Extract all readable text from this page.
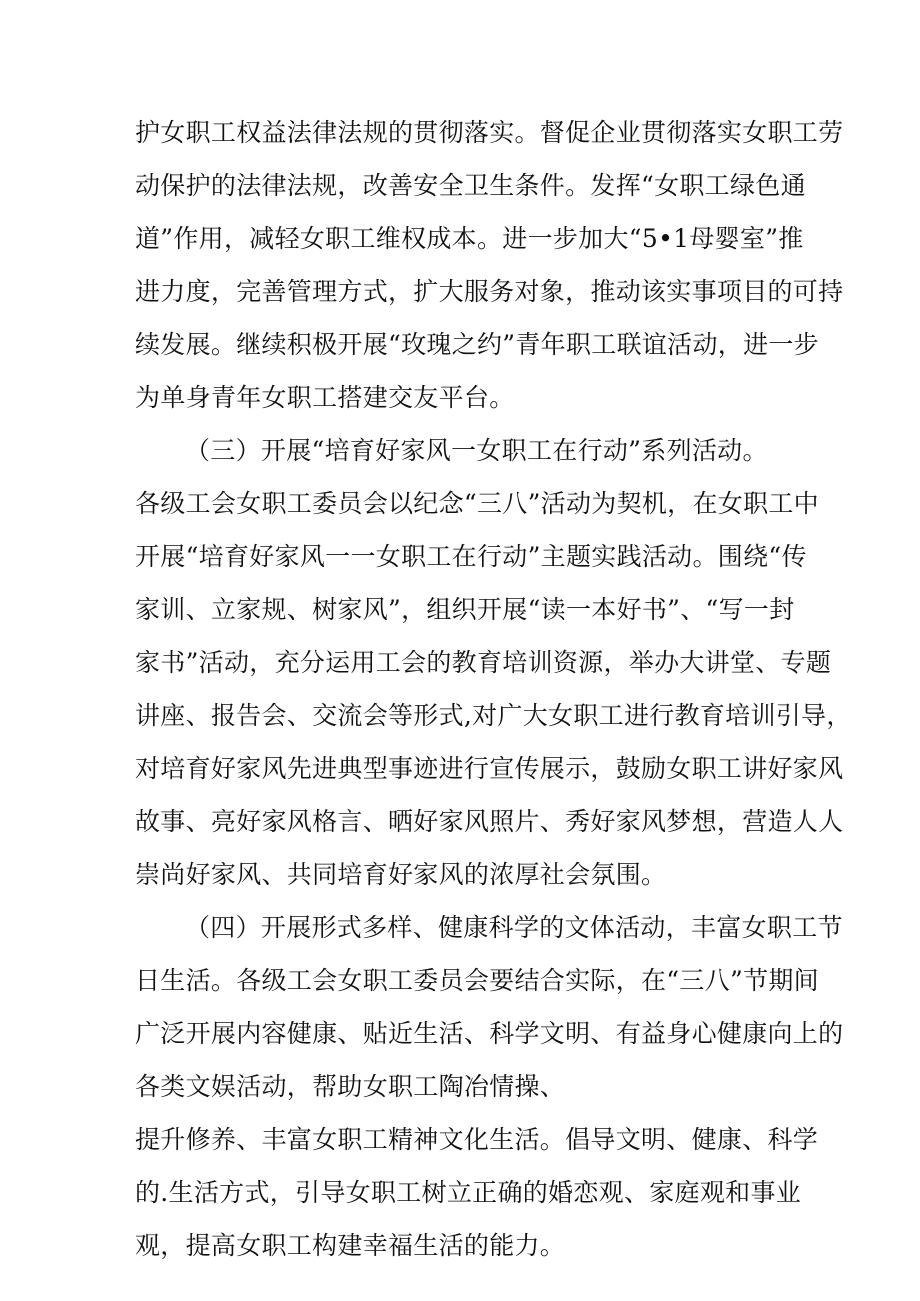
护女职工权益法律法规的贯彻落实。督促企业贯彻落实女职工劳
动保护的法律法规，改善安全卫生条件。发挥“女职工绿色通
道”作用，减轻女职工维权成本。进一步加大“5•1母婴室”推
进力度，完善管理方式，扩大服务对象，推动该实事项目的可持
续发展。继续积极开展“玫瑰之约”青年职工联谊活动，进一步
为单身青年女职工搭建交友平台。
（三）开展“培育好家风一女职工在行动”系列活动。
各级工会女职工委员会以纪念“三八”活动为契机，在女职工中
开展“培育好家风一一女职工在行动”主题实践活动。围绕“传
家训、立家规、树家风”，组织开展“读一本好书”、“写一封
家书”活动，充分运用工会的教育培训资源，举办大讲堂、专题
讲座、报告会、交流会等形式,对广大女职工进行教育培训引导，
对培育好家风先进典型事迹进行宣传展示，鼓励女职工讲好家风
故事、亮好家风格言、晒好家风照片、秀好家风梦想，营造人人
崇尚好家风、共同培育好家风的浓厚社会氛围。
（四）开展形式多样、健康科学的文体活动，丰富女职工节
日生活。各级工会女职工委员会要结合实际，在“三八”节期间
广泛开展内容健康、贴近生活、科学文明、有益身心健康向上的
各类文娱活动，帮助女职工陶冶情操、
提升修养、丰富女职工精神文化生活。倡导文明、健康、科学
的.生活方式，引导女职工树立正确的婚恋观、家庭观和事业
观，提高女职工构建幸福生活的能力。
